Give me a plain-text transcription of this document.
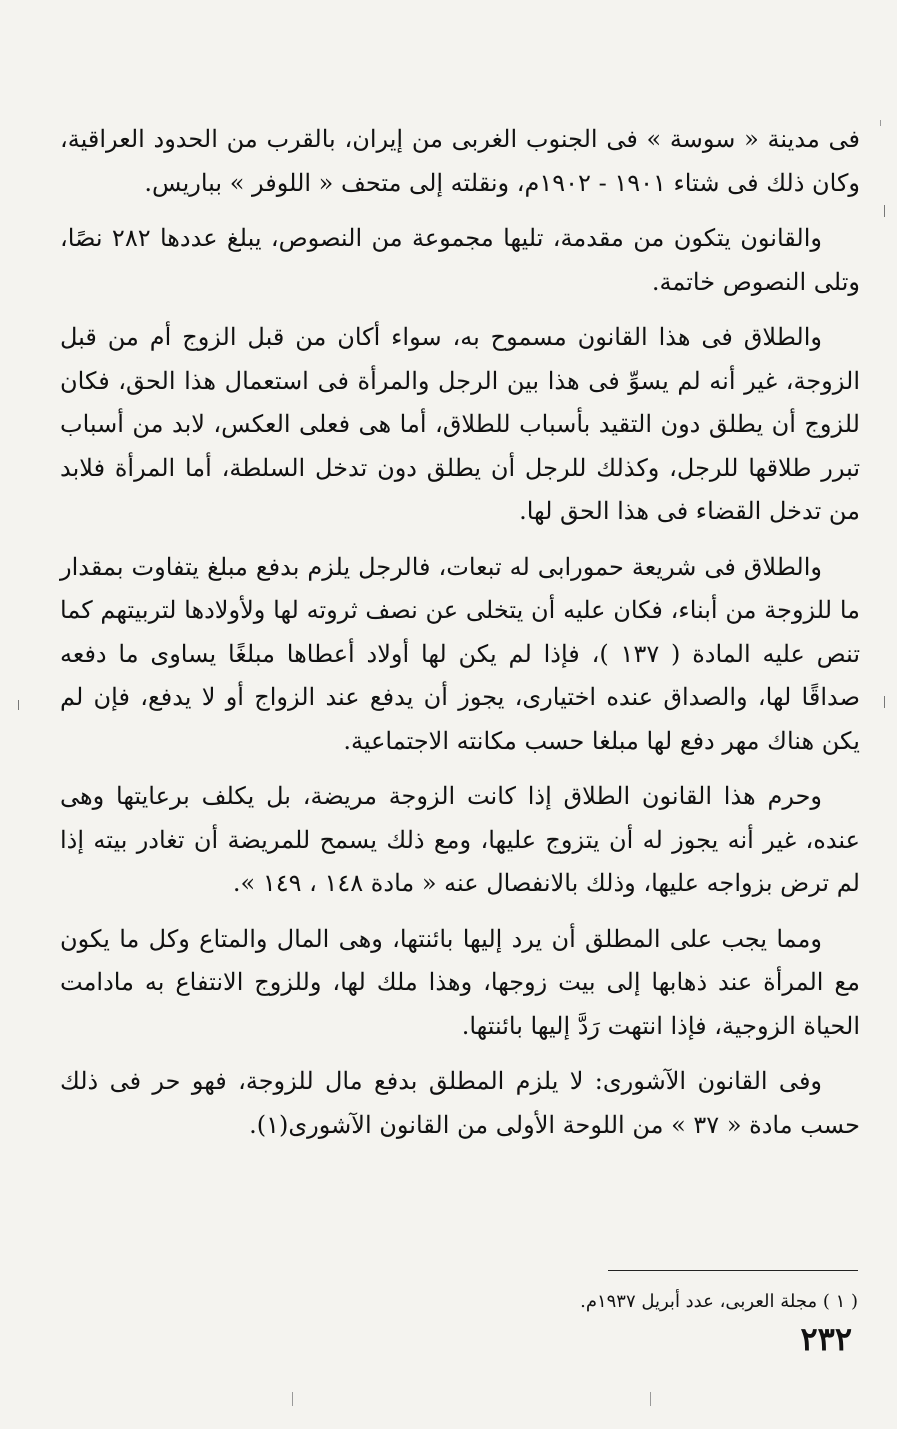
فى مدينة « سوسة » فى الجنوب الغربى من إيران، بالقرب من الحدود العراقية، وكان ذلك فى شتاء ١٩٠١ - ١٩٠٢م، ونقلته إلى متحف « اللوفر » بباريس.

والقانون يتكون من مقدمة، تليها مجموعة من النصوص، يبلغ عددها ٢٨٢ نصًا، وتلى النصوص خاتمة.

والطلاق فى هذا القانون مسموح به، سواء أكان من قبل الزوج أم من قبل الزوجة، غير أنه لم يسوِّ فى هذا بين الرجل والمرأة فى استعمال هذا الحق، فكان للزوج أن يطلق دون التقيد بأسباب للطلاق، أما هى فعلى العكس، لابد من أسباب تبرر طلاقها للرجل، وكذلك للرجل أن يطلق دون تدخل السلطة، أما المرأة فلابد من تدخل القضاء فى هذا الحق لها.

والطلاق فى شريعة حمورابى له تبعات، فالرجل يلزم بدفع مبلغ يتفاوت بمقدار ما للزوجة من أبناء، فكان عليه أن يتخلى عن نصف ثروته لها ولأولادها لتربيتهم كما تنص عليه المادة ( ١٣٧ )، فإذا لم يكن لها أولاد أعطاها مبلغًا يساوى ما دفعه صداقًا لها، والصداق عنده اختيارى، يجوز أن يدفع عند الزواج أو لا يدفع، فإن لم يكن هناك مهر دفع لها مبلغا حسب مكانته الاجتماعية.

وحرم هذا القانون الطلاق إذا كانت الزوجة مريضة، بل يكلف برعايتها وهى عنده، غير أنه يجوز له أن يتزوج عليها، ومع ذلك يسمح للمريضة أن تغادر بيته إذا لم ترض بزواجه عليها، وذلك بالانفصال عنه « مادة ١٤٨ ، ١٤٩ ».

ومما يجب على المطلق أن يرد إليها بائنتها، وهى المال والمتاع وكل ما يكون مع المرأة عند ذهابها إلى بيت زوجها، وهذا ملك لها، وللزوج الانتفاع به مادامت الحياة الزوجية، فإذا انتهت رَدَّ إليها بائنتها.

وفى القانون الآشورى: لا يلزم المطلق بدفع مال للزوجة، فهو حر فى ذلك حسب مادة « ٣٧ » من اللوحة الأولى من القانون الآشورى(١).

( ١ ) مجلة العربى، عدد أبريل ١٩٣٧م.
٢٣٢
